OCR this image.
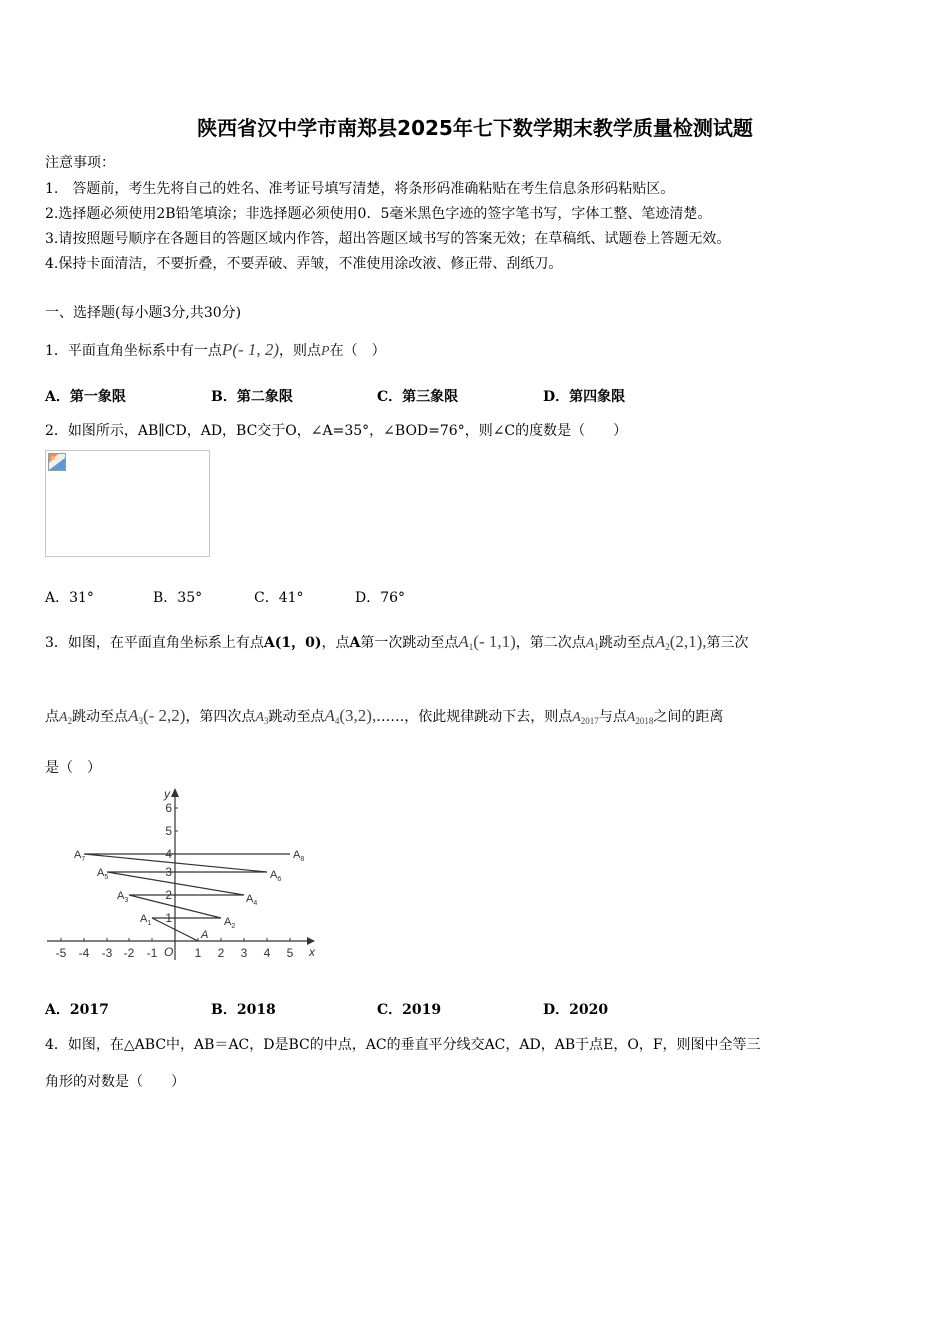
陕西省汉中学市南郑县2025年七下数学期末教学质量检测试题
注意事项：
1.　答题前，考生先将自己的姓名、准考证号填写清楚，将条形码准确粘贴在考生信息条形码粘贴区。
2.选择题必须使用2B铅笔填涂；非选择题必须使用0．5毫米黑色字迹的签字笔书写，字体工整、笔迹清楚。
3.请按照题号顺序在各题目的答题区域内作答，超出答题区域书写的答案无效；在草稿纸、试题卷上答题无效。
4.保持卡面清洁，不要折叠，不要弄破、弄皱，不准使用涂改液、修正带、刮纸刀。
一、选择题(每小题3分,共30分)
1．平面直角坐标系中有一点P(- 1, 2)，则点P在（　）
A．第一象限	B．第二象限	C．第三象限	D．第四象限
2．如图所示，AB∥CD，AD，BC交于O，∠A=35°，∠BOD=76°，则∠C的度数是（　　）
A．31°	B．35°	C．41°	D．76°
3．如图，在平面直角坐标系上有点A(1，0)，点A第一次跳动至点$A_1(-$ 1,1)，第二次点$A_1$跳动至点$A_2(2,1)$,第三次
点$A_2$跳动至点$A_3(-$ 2,2)，第四次点$A_3$跳动至点$A_4(3,2),\dots\dots$，依此规律跳动下去，则点$A_{2017}$与点$A_{2018}$之间的距离
是（　）
-5 -4 -3 -2 -1	1 2 3 4 5
1
2
3
4
5
6
x
y
O
A
$A_1$	$A_2$
$A_3$	$A_4$
$A_5$	$A_6$
$A_7$	$A_8$
A．2017	B．2018	C．2019	D．2020
4．如图，在△ABC中，AB＝AC，D是BC的中点，AC的垂直平分线交AC，AD，AB于点E，O，F，则图中全等三
角形的对数是（　　）
